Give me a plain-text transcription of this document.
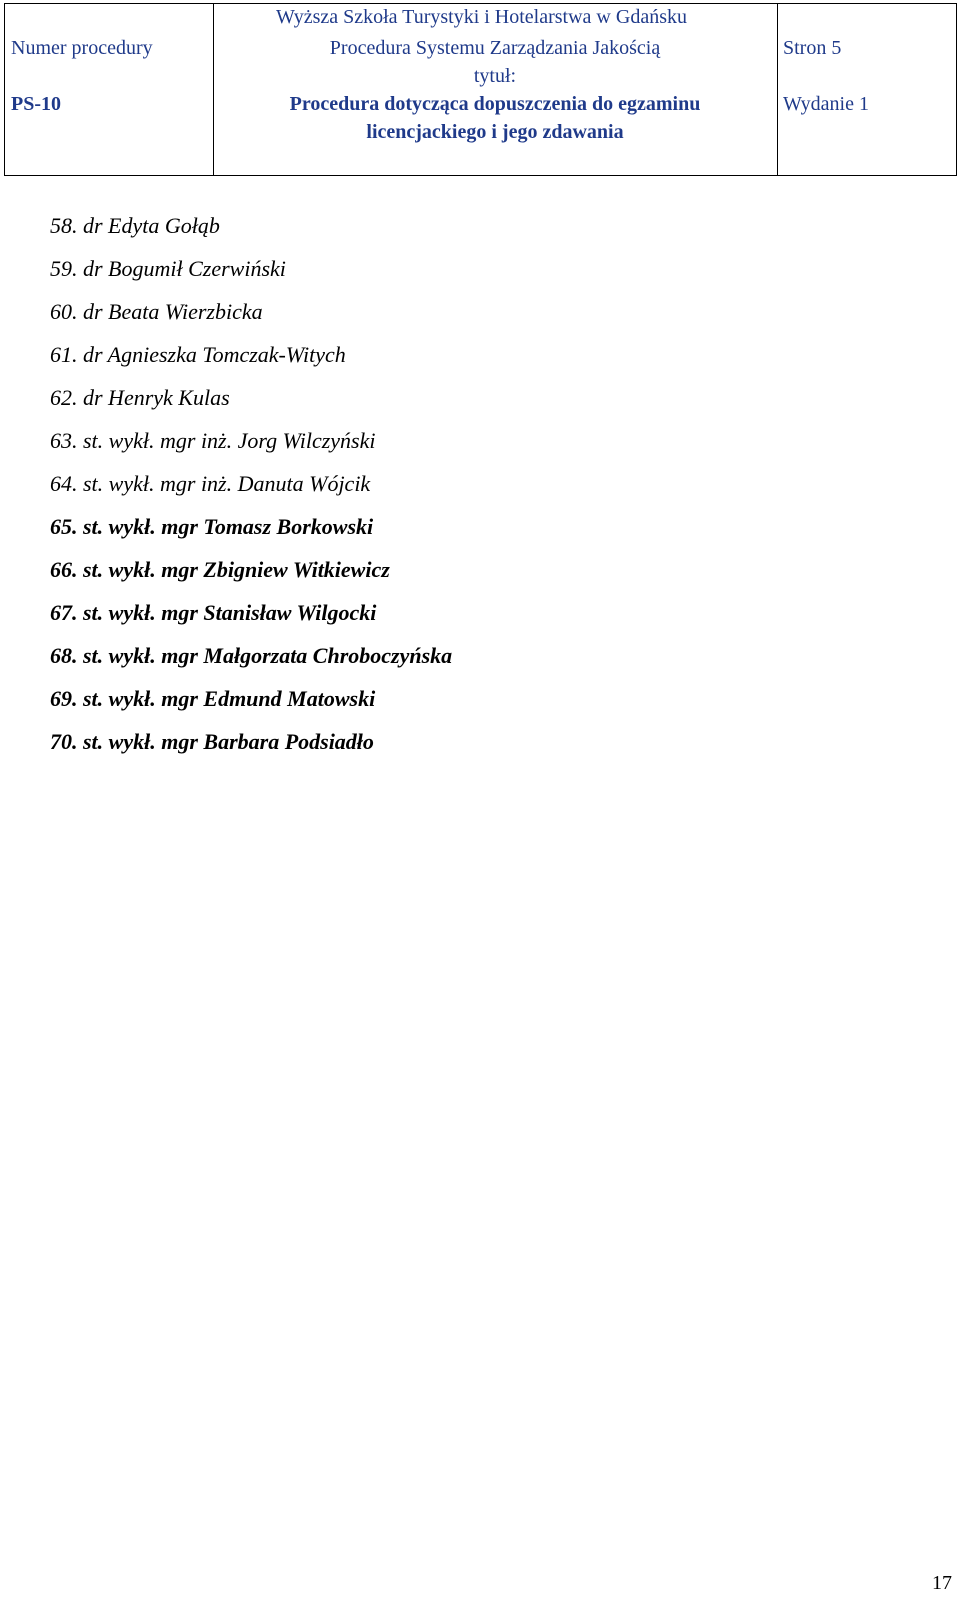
Wyższa Szkoła Turystyki i Hotelarstwa w Gdańsku
Numer procedury
PS-10
Procedura Systemu Zarządzania Jakością
tytuł:
Procedura dotycząca dopuszczenia do egzaminu
licencjackiego i jego zdawania
Stron 5
Wydanie 1
58. dr Edyta Gołąb
59. dr Bogumił Czerwiński
60. dr Beata Wierzbicka
61. dr Agnieszka Tomczak-Witych
62. dr Henryk Kulas
63. st. wykł. mgr inż. Jorg Wilczyński
64. st. wykł. mgr inż. Danuta Wójcik
65. st. wykł. mgr Tomasz Borkowski
66. st. wykł. mgr Zbigniew Witkiewicz
67. st. wykł. mgr Stanisław Wilgocki
68. st. wykł. mgr Małgorzata Chroboczyńska
69. st. wykł. mgr Edmund Matowski
70. st. wykł. mgr Barbara Podsiadło
17
